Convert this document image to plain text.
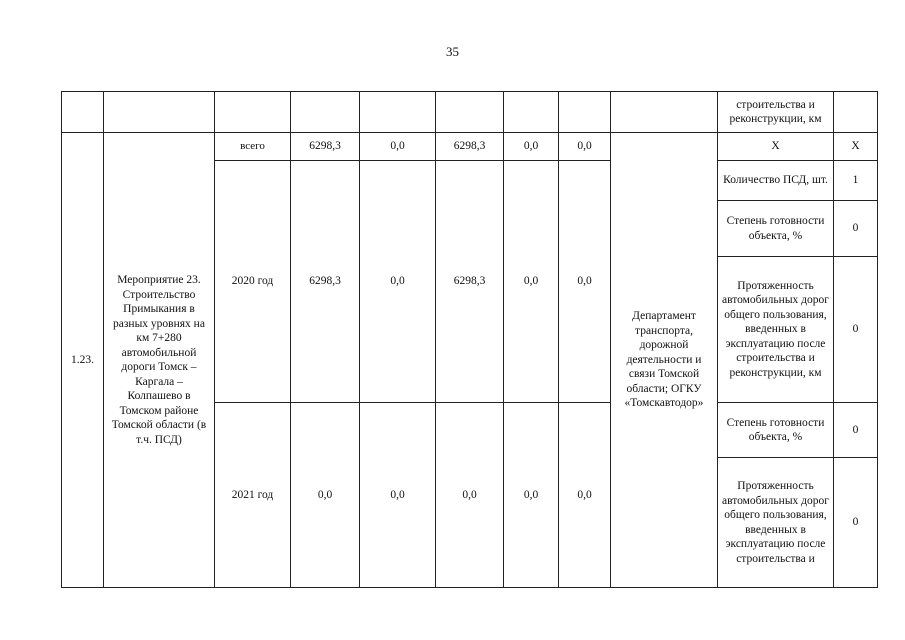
35
									строительства и реконструкции, км	
1.23.	Мероприятие 23. Строительство Примыкания в разных уровнях на км 7+280 автомобильной дороги Томск – Каргала – Колпашево в Томском районе Томской области (в т.ч. ПСД)	всего	6298,3	0,0	6298,3	0,0	0,0	Департамент транспорта, дорожной деятельности и связи Томской области; ОГКУ «Томскавтодор»	Х	Х
		2020 год	6298,3	0,0	6298,3	0,0	0,0		Количество ПСД, шт.	1
									Степень готовности объекта, %	0
									Протяженность автомобильных дорог общего пользования, введенных в эксплуатацию после строительства и реконструкции, км	0
		2021 год	0,0	0,0	0,0	0,0	0,0		Степень готовности объекта, %	0
									Протяженность автомобильных дорог общего пользования, введенных в эксплуатацию после строительства и	0
